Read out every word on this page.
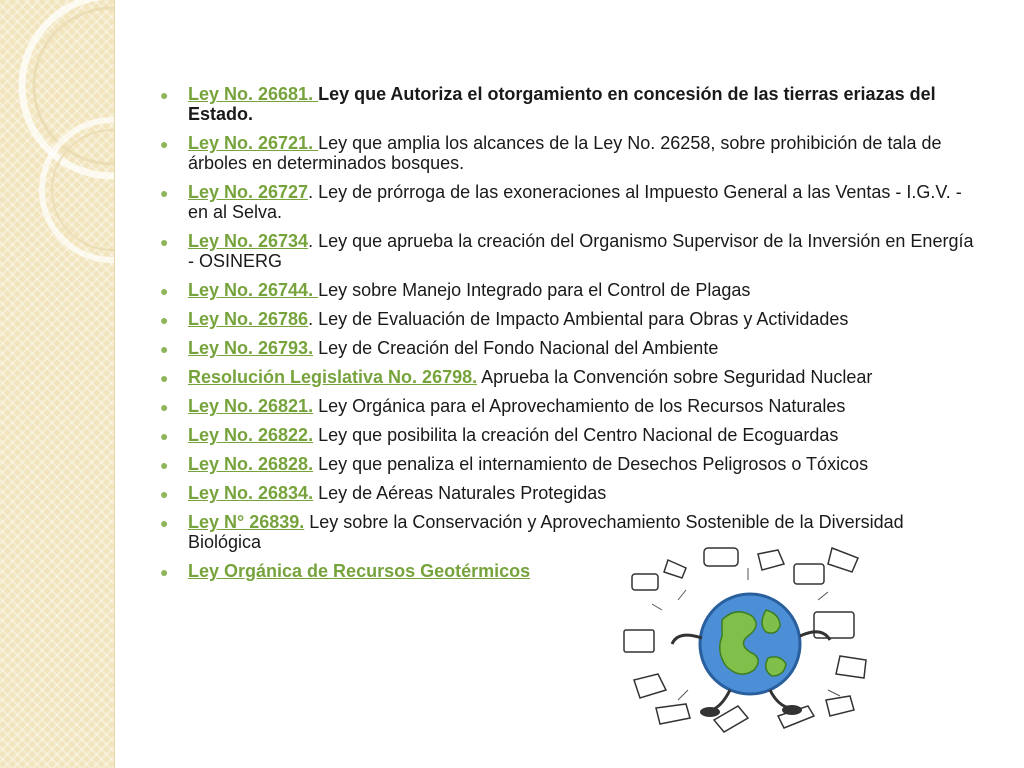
● Ley No. 26681. Ley que Autoriza el otorgamiento en concesión de las tierras eriazas del Estado.
● Ley No. 26721. Ley que amplia los alcances de la Ley No. 26258, sobre prohibición de tala de árboles en determinados bosques.
● Ley No. 26727. Ley de prórroga de las exoneraciones al Impuesto General a las Ventas - I.G.V. - en al Selva.
● Ley No. 26734. Ley que aprueba la creación del Organismo Supervisor de la Inversión en Energía - OSINERG
● Ley No. 26744. Ley sobre Manejo Integrado para el Control de Plagas
● Ley No. 26786. Ley de Evaluación de Impacto Ambiental para Obras y Actividades
● Ley No. 26793. Ley de Creación del Fondo Nacional del Ambiente
● Resolución Legislativa No. 26798. Aprueba la Convención sobre Seguridad Nuclear
● Ley No. 26821. Ley Orgánica para el Aprovechamiento de los Recursos Naturales
● Ley No. 26822. Ley que posibilita la creación del Centro Nacional de Ecoguardas
● Ley No. 26828. Ley que penaliza el internamiento de Desechos Peligrosos o Tóxicos
● Ley No. 26834. Ley de Aéreas Naturales Protegidas
● Ley N° 26839. Ley sobre la Conservación y Aprovechamiento Sostenible de la Diversidad Biológica
● Ley Orgánica de Recursos Geotérmicos
